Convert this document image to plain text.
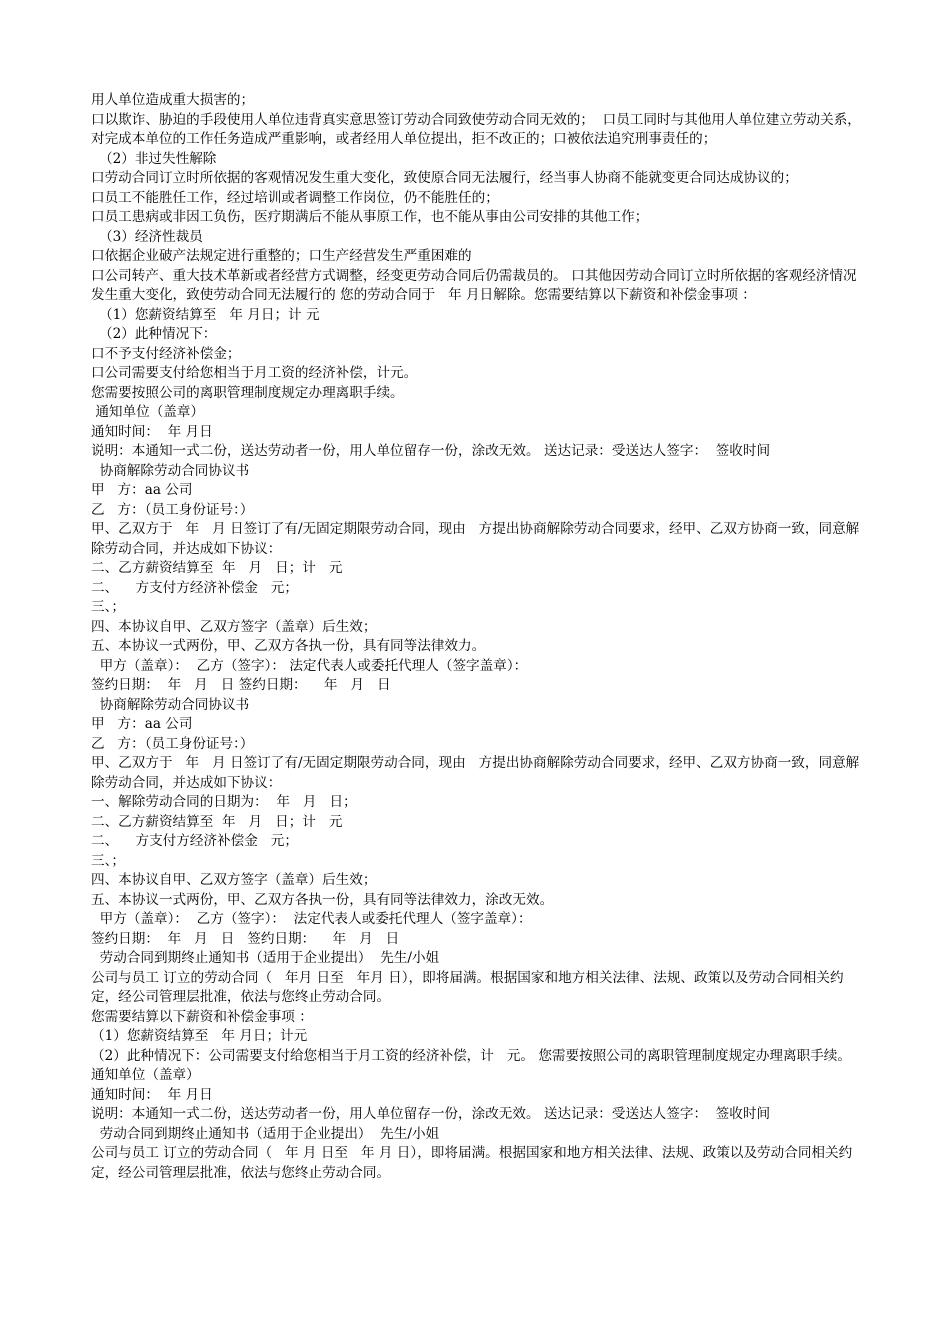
用人单位造成重大损害的；

口以欺诈、胁迫的手段使用人单位违背真实意思签订劳动合同致使劳动合同无效的；  口员工同时与其他用人单位建立劳动关系，对完成本单位的工作任务造成严重影响，或者经用人单位提出，拒不改正的；口被依法追究刑事责任的；

（2）非过失性解除

口劳动合同订立时所依据的客观情况发生重大变化，致使原合同无法履行，经当事人协商不能就变更合同达成协议的；

口员工不能胜任工作，经过培训或者调整工作岗位，仍不能胜任的；

口员工患病或非因工负伤，医疗期满后不能从事原工作，也不能从事由公司安排的其他工作；

（3）经济性裁员

口依据企业破产法规定进行重整的；口生产经营发生严重困难的

口公司转产、重大技术革新或者经营方式调整，经变更劳动合同后仍需裁员的。 口其他因劳动合同订立时所依据的客观经济情况发生重大变化，致使劳动合同无法履行的 您的劳动合同于   年 月日解除。您需要结算以下薪资和补偿金事项 ：

（1）您薪资结算至   年 月日；计 元

（2）此种情况下：

口不予支付经济补偿金；

口公司需要支付给您相当于月工资的经济补偿，计元。

您需要按照公司的离职管理制度规定办理离职手续。

通知单位（盖章）

通知时间：  年 月日

说明：本通知一式二份，送达劳动者一份，用人单位留存一份，涂改无效。 送达记录：受送达人签字：  签收时间

协商解除劳动合同协议书

甲   方：aa 公司

乙   方：（员工身份证号：）

甲、乙双方于   年   月 日签订了有/无固定期限劳动合同，现由   方提出协商解除劳动合同要求，经甲、乙双方协商一致，同意解除劳动合同，并达成如下协议：

二、乙方薪资结算至  年   月   日；计   元

二、    方支付方经济补偿金   元；

三、；

四、本协议自甲、乙双方签字（盖章）后生效；

五、本协议一式两份，甲、乙双方各执一份，具有同等法律效力。

甲方（盖章）：  乙方（签字）： 法定代表人或委托代理人（签字盖章）：

签约日期：  年   月   日 签约日期：    年   月   日

协商解除劳动合同协议书

甲   方：aa 公司

乙   方：（员工身份证号：）

甲、乙双方于   年   月 日签订了有/无固定期限劳动合同，现由   方提出协商解除劳动合同要求，经甲、乙双方协商一致，同意解除劳动合同，并达成如下协议：

一、解除劳动合同的日期为：  年   月   日；

二、乙方薪资结算至  年   月   日；计   元

二、    方支付方经济补偿金   元；

三、；

四、本协议自甲、乙双方签字（盖章）后生效；

五、本协议一式两份，甲、乙双方各执一份，具有同等法律效力，涂改无效。

甲方（盖章）：  乙方（签字）：  法定代表人或委托代理人（签字盖章）：

签约日期：  年   月   日   签约日期：    年   月   日

劳动合同到期终止通知书（适用于企业提出）  先生/小姐

公司与员工 订立的劳动合同（   年月 日至   年月 日），即将届满。根据国家和地方相关法律、法规、政策以及劳动合同相关约定，经公司管理层批准，依法与您终止劳动合同。

您需要结算以下薪资和补偿金事项 ：

（1）您薪资结算至   年 月日；计元

（2）此种情况下：公司需要支付给您相当于月工资的经济补偿，计   元。 您需要按照公司的离职管理制度规定办理离职手续。

通知单位（盖章）

通知时间：  年 月日

说明：本通知一式二份，送达劳动者一份，用人单位留存一份，涂改无效。 送达记录：受送达人签字：  签收时间

劳动合同到期终止通知书（适用于企业提出）  先生/小姐

公司与员工 订立的劳动合同（   年 月 日至   年 月 日），即将届满。根据国家和地方相关法律、法规、政策以及劳动合同相关约定，经公司管理层批准，依法与您终止劳动合同。
